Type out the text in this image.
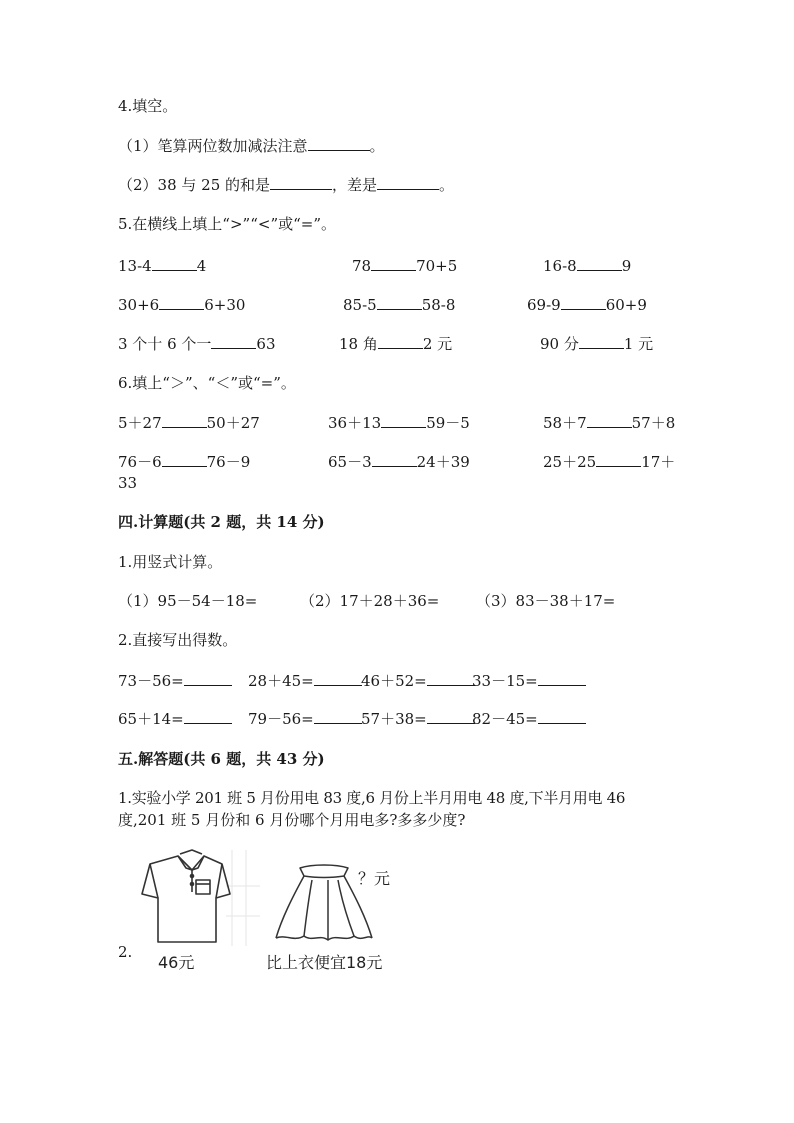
4.填空。
（1）笔算两位数加减法注意	。
（2）38 与 25 的和是	，差是	。
5.在横线上填上“>”“<”或“=”。
13-4	4	78	70+5	16-8	9
30+6	6+30	85-5	58-8	69-9	60+9
3 个十 6 个一	63	18 角	2 元	90 分	1 元
6.填上“＞”、“＜”或“=”。
5＋27	50＋27	36＋13	59－5	58＋7	57＋8
76－6	76－9	65－3	24＋39	25＋25	17＋
33
四.计算题(共 2 题，共 14 分)
1.用竖式计算。
（1）95－54－18=	（2）17＋28＋36= （3）83－38＋17=
2.直接写出得数。
73－56=	28＋45=	46＋52=	33－15=
65＋14=	79－56=	57＋38=	82－45=
五.解答题(共 6 题，共 43 分)
1.实验小学 201 班 5 月份用电 83 度,6 月份上半月用电 48 度,下半月用电 46
度,201 班 5 月份和 6 月份哪个月用电多?多多少度?
2.
46元
？元
比上衣便宜18元
